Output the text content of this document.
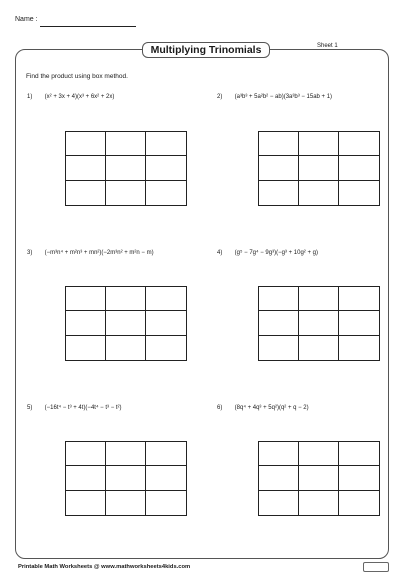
Name :
Multiplying Trinomials	Sheet 1
Find the product using box method.
1) (x² + 3x + 4)(x³ + 6x² + 2x)	2) (a³b³ + 5a²b² − ab)(3a³b³ − 15ab + 1)
3) (−m³n⁴ + m²n³ + mn²)(−2m³n² + m²n − m)	4) (g⁵ − 7g⁴ − 9g³)(−g³ + 10g² + g)
5) (−16t⁴ − t³ + 4t)(−4t⁴ − t³ − t²)	6) (8q⁴ + 4q³ + 5q²)(q² + q − 2)
Printable Math Worksheets @ www.mathworksheets4kids.com
